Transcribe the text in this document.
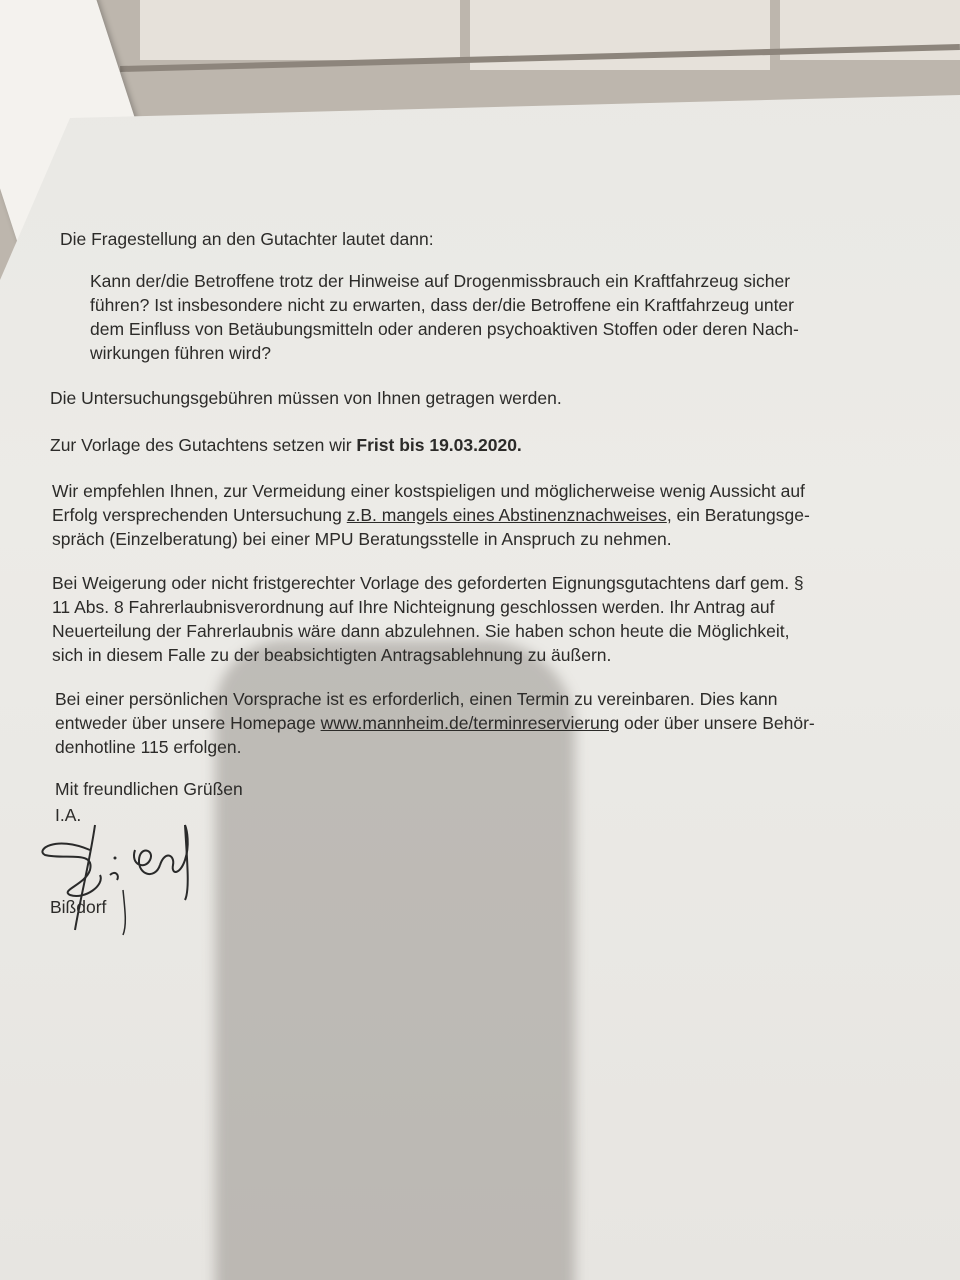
Die Fragestellung an den Gutachter lautet dann:

Kann der/die Betroffene trotz der Hinweise auf Drogenmissbrauch ein Kraftfahrzeug sicher

führen? Ist insbesondere nicht zu erwarten, dass der/die Betroffene ein Kraftfahrzeug unter

dem Einfluss von Betäubungsmitteln oder anderen psychoaktiven Stoffen oder deren Nach-

wirkungen führen wird?

Die Untersuchungsgebühren müssen von Ihnen getragen werden.

Zur Vorlage des Gutachtens setzen wir Frist bis 19.03.2020.

Wir empfehlen Ihnen, zur Vermeidung einer kostspieligen und möglicherweise wenig Aussicht auf

Erfolg versprechenden Untersuchung z.B. mangels eines Abstinenznachweises, ein Beratungsge-

spräch (Einzelberatung) bei einer MPU Beratungsstelle in Anspruch zu nehmen.

Bei Weigerung oder nicht fristgerechter Vorlage des geforderten Eignungsgutachtens darf gem. §

11 Abs. 8 Fahrerlaubnisverordnung auf Ihre Nichteignung geschlossen werden. Ihr Antrag auf

Neuerteilung der Fahrerlaubnis wäre dann abzulehnen. Sie haben schon heute die Möglichkeit,

sich in diesem Falle zu der beabsichtigten Antragsablehnung zu äußern.

Bei einer persönlichen Vorsprache ist es erforderlich, einen Termin zu vereinbaren. Dies kann

entweder über unsere Homepage www.mannheim.de/terminreservierung oder über unsere Behör-

denhotline 115 erfolgen.

Mit freundlichen Grüßen

I.A.

Bißdorf
